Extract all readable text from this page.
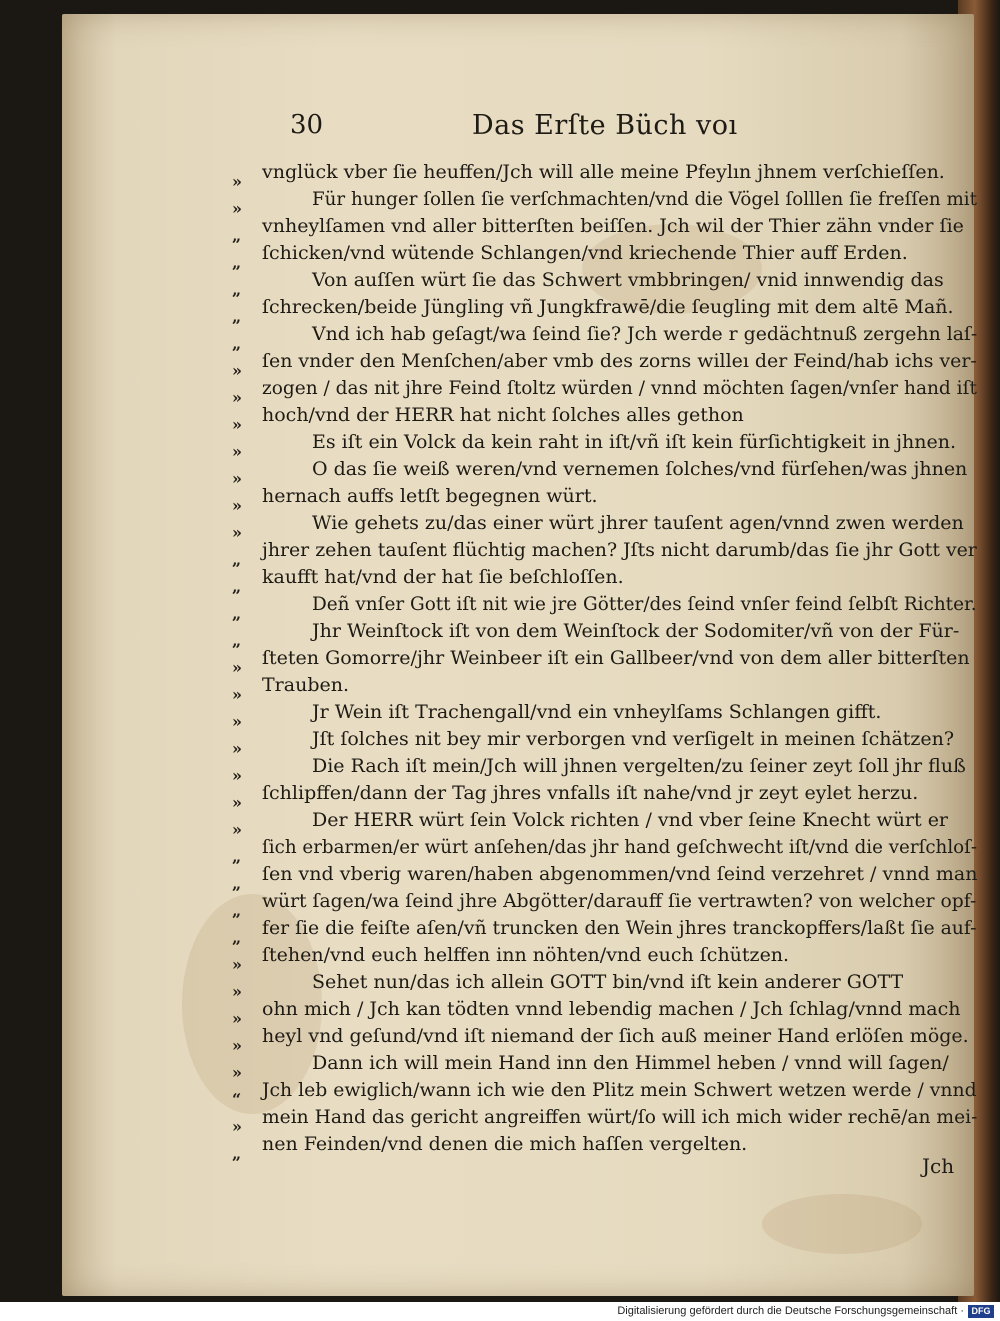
30	Das Erſte Büch voı
»
»
„
„
„
„
„
»
»
»
»
»
»
»
„
„
„
„
»
»
»
»
»
»
»
„
„
„
„
»
»
»
»
»
“
»
„
vnglück vber ſie heuffen/Jch will alle meine Pfeylın jhnem verſchieſſen.
Für hunger ſollen ſie verſchmachten/vnd die Vögel ſolllen ſie freſſen mit
vnheylſamen vnd aller bitterſten beiſſen. Jch wil der Thier zähn vnder ſie
ſchicken/vnd wütende Schlangen/vnd kriechende Thier auff Erden.
Von auſſen würt ſie das Schwert vmbbringen/ vnid innwendig das
ſchrecken/beide Jüngling vñ Jungkfrawē/die ſeugling mit dem altē Mañ.
Vnd ich hab geſagt/wa ſeind ſie? Jch werde r gedächtnuß zergehn laſ-
ſen vnder den Menſchen/aber vmb des zorns willeı der Feind/hab ichs ver-
zogen / das nit jhre Feind ſtoltz würden / vnnd möchten ſagen/vnſer hand iſt
hoch/vnd der HERR hat nicht ſolches alles gethon
Es iſt ein Volck da kein raht in iſt/vñ iſt kein fürſichtigkeit in jhnen.
O das ſie weiß weren/vnd vernemen ſolches/vnd fürſehen/was jhnen
hernach auffs letſt begegnen würt.
Wie gehets zu/das einer würt jhrer tauſent agen/vnnd zwen werden
jhrer zehen tauſent flüchtig machen? Jſts nicht darumb/das ſie jhr Gott ver
kaufft hat/vnd der hat ſie beſchloſſen.
Deñ vnſer Gott iſt nit wie jre Götter/des ſeind vnſer feind ſelbſt Richter.
Jhr Weinſtock iſt von dem Weinſtock der Sodomiter/vñ von der Für-
ſteten Gomorre/jhr Weinbeer iſt ein Gallbeer/vnd von dem aller bitterſten
Trauben.
Jr Wein iſt Trachengall/vnd ein vnheylſams Schlangen gifft.
Jſt ſolches nit bey mir verborgen vnd verſigelt in meinen ſchätzen?
Die Rach iſt mein/Jch will jhnen vergelten/zu ſeiner zeyt ſoll jhr fluß
ſchlipffen/dann der Tag jhres vnfalls iſt nahe/vnd jr zeyt eylet herzu.
Der HERR würt ſein Volck richten / vnd vber ſeine Knecht würt er
ſich erbarmen/er würt anſehen/das jhr hand geſchwecht iſt/vnd die verſchloſ-
ſen vnd vberig waren/haben abgenommen/vnd ſeind verzehret / vnnd man
würt ſagen/wa ſeind jhre Abgötter/darauff ſie vertrawten? von welcher opf-
fer ſie die feiſte aſen/vñ truncken den Wein jhres tranckopffers/laßt ſie auf-
ſtehen/vnd euch helffen inn nöhten/vnd euch ſchützen.
Sehet nun/das ich allein GOTT bin/vnd iſt kein anderer GOTT
ohn mich / Jch kan tödten vnnd lebendig machen / Jch ſchlag/vnnd mach
heyl vnd geſund/vnd iſt niemand der ſich auß meiner Hand erlöſen möge.
Dann ich will mein Hand inn den Himmel heben / vnnd will ſagen/
Jch leb ewiglich/wann ich wie den Plitz mein Schwert wetzen werde / vnnd
mein Hand das gericht angreiffen würt/ſo will ich mich wider rechē/an mei-
nen Feinden/vnd denen die mich haſſen vergelten.
Jch
Digitalisierung gefördert durch die Deutsche Forschungsgemeinschaft · DFG
